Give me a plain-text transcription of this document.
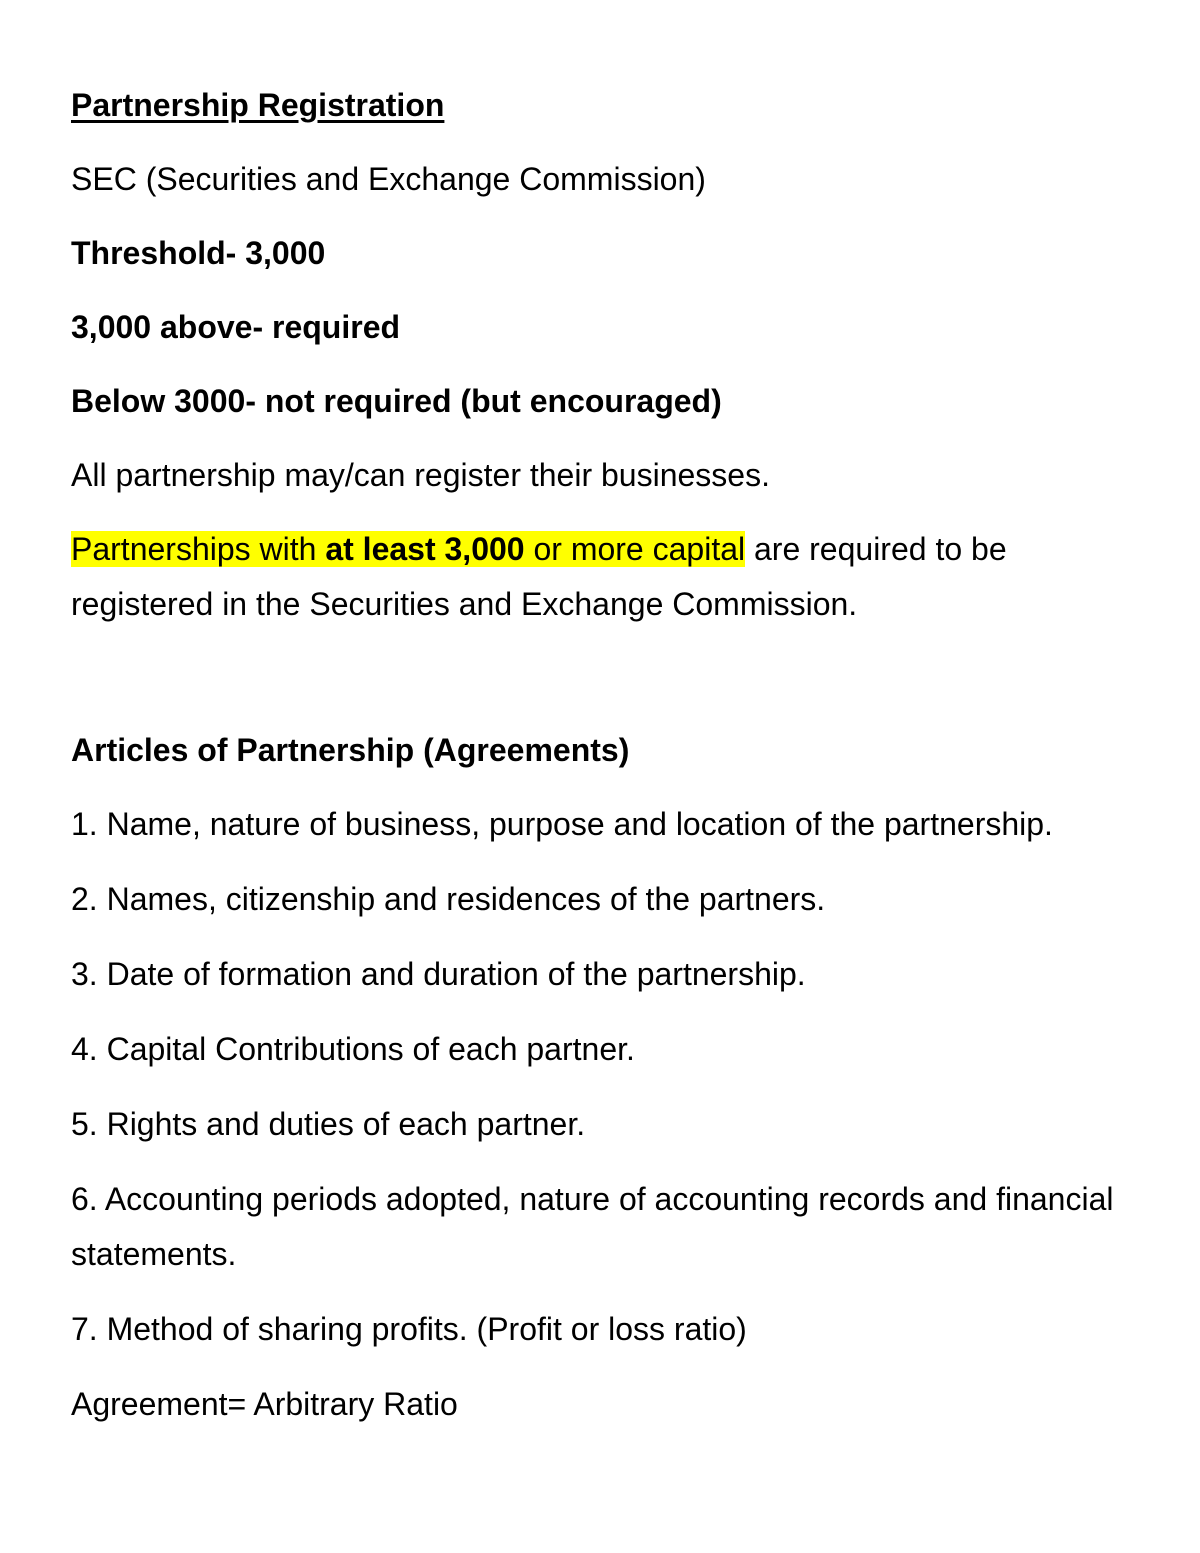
Partnership Registration
SEC (Securities and Exchange Commission)
Threshold- 3,000
3,000 above- required
Below 3000- not required (but encouraged)
All partnership may/can register their businesses.
Partnerships with at least 3,000 or more capital are required to be registered in the Securities and Exchange Commission.
Articles of Partnership (Agreements)
1. Name, nature of business, purpose and location of the partnership.
2. Names, citizenship and residences of the partners.
3. Date of formation and duration of the partnership.
4. Capital Contributions of each partner.
5. Rights and duties of each partner.
6. Accounting periods adopted, nature of accounting records and financial statements.
7. Method of sharing profits. (Profit or loss ratio)
Agreement= Arbitrary Ratio
